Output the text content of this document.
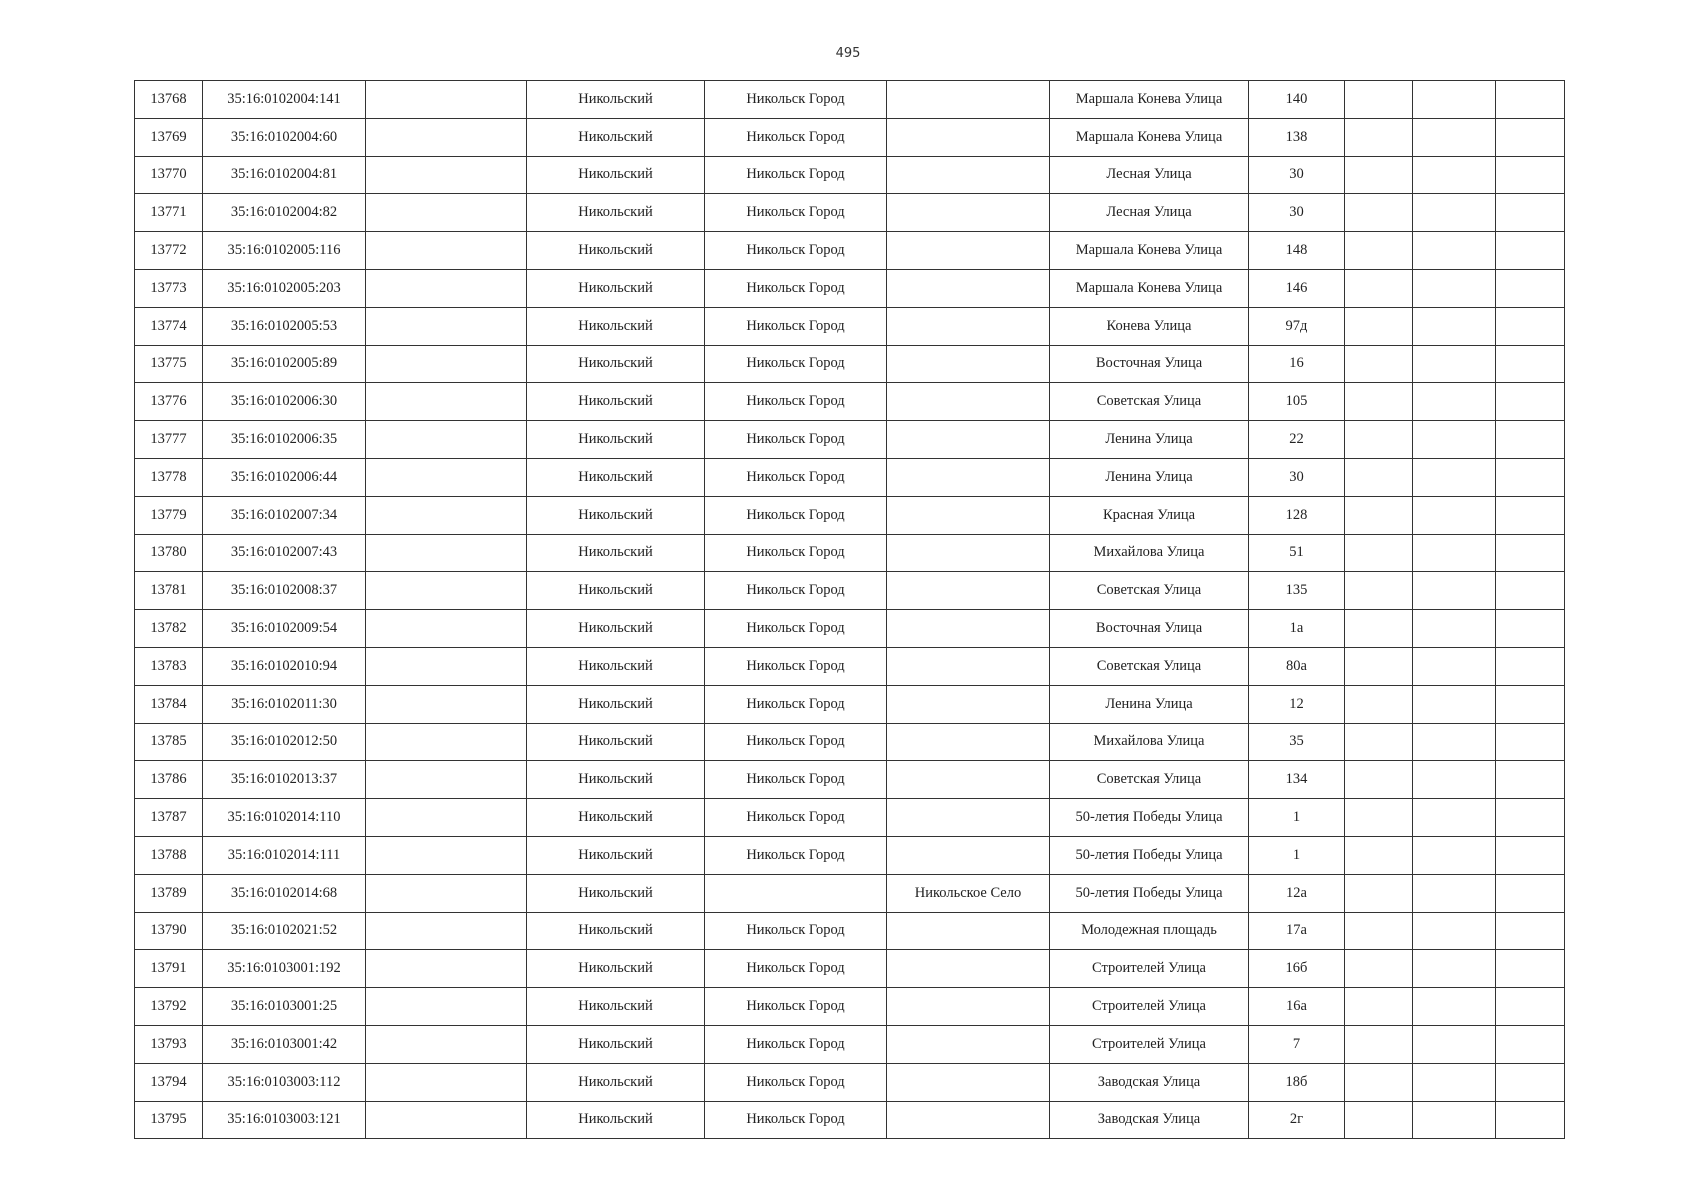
495
13768	35:16:0102004:141		Никольский	Никольск Город		Маршала Конева Улица	140			
13769	35:16:0102004:60		Никольский	Никольск Город		Маршала Конева Улица	138			
13770	35:16:0102004:81		Никольский	Никольск Город		Лесная Улица	30			
13771	35:16:0102004:82		Никольский	Никольск Город		Лесная Улица	30			
13772	35:16:0102005:116		Никольский	Никольск Город		Маршала Конева Улица	148			
13773	35:16:0102005:203		Никольский	Никольск Город		Маршала Конева Улица	146			
13774	35:16:0102005:53		Никольский	Никольск Город		Конева Улица	97д			
13775	35:16:0102005:89		Никольский	Никольск Город		Восточная Улица	16			
13776	35:16:0102006:30		Никольский	Никольск Город		Советская Улица	105			
13777	35:16:0102006:35		Никольский	Никольск Город		Ленина Улица	22			
13778	35:16:0102006:44		Никольский	Никольск Город		Ленина Улица	30			
13779	35:16:0102007:34		Никольский	Никольск Город		Красная Улица	128			
13780	35:16:0102007:43		Никольский	Никольск Город		Михайлова Улица	51			
13781	35:16:0102008:37		Никольский	Никольск Город		Советская Улица	135			
13782	35:16:0102009:54		Никольский	Никольск Город		Восточная Улица	1а			
13783	35:16:0102010:94		Никольский	Никольск Город		Советская Улица	80а			
13784	35:16:0102011:30		Никольский	Никольск Город		Ленина Улица	12			
13785	35:16:0102012:50		Никольский	Никольск Город		Михайлова Улица	35			
13786	35:16:0102013:37		Никольский	Никольск Город		Советская Улица	134			
13787	35:16:0102014:110		Никольский	Никольск Город		50-летия Победы Улица	1			
13788	35:16:0102014:111		Никольский	Никольск Город		50-летия Победы Улица	1			
13789	35:16:0102014:68		Никольский		Никольское Село	50-летия Победы Улица	12а			
13790	35:16:0102021:52		Никольский	Никольск Город		Молодежная площадь	17а			
13791	35:16:0103001:192		Никольский	Никольск Город		Строителей Улица	16б			
13792	35:16:0103001:25		Никольский	Никольск Город		Строителей Улица	16а			
13793	35:16:0103001:42		Никольский	Никольск Город		Строителей Улица	7			
13794	35:16:0103003:112		Никольский	Никольск Город		Заводская Улица	18б			
13795	35:16:0103003:121		Никольский	Никольск Город		Заводская Улица	2г			
